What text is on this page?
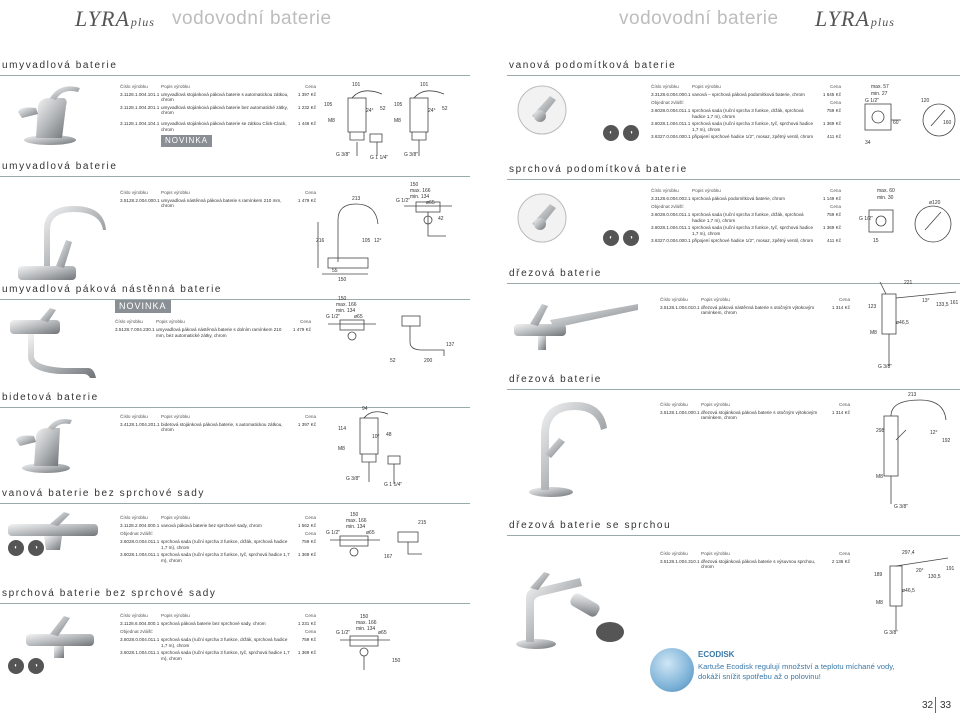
LYRAplus vodovodní baterie	vodovodní baterie LYRAplus
umyvadlová baterie
Číslo výrobku	Popis výrobku	Cena
3.1128.1.004.101.1 umyvadlová stojánková páková baterie s automatickou zátkou, chrom
1 397 Kč
3.1128.1.004.201.1 umyvadlová stojánková páková baterie bez automatické zátky, chrom
1 232 Kč
3.1128.1.004.104.1 umyvadlová stojánková páková baterie se zátkou Click-Clack, chrom
NOVINKA
1 446 Kč
101
105
24° 52
M8
G 3/8"	G 1 1/4"
101
105
24° 52
M8
G 3/8"
umyvadlová baterie
Číslo výrobku	Popis výrobku	Cena
3.5128.2.004.000.1 umyvadlová nástěnná páková baterie s ramínkem 210 mm, chrom
1 479 Kč	213
216	105 12°
55
150
150
max. 166
min. 134
G 1/2"	ø65
42
umyvadlová páková nástěnná baterie
NOVINKA
Číslo výrobku	Popis výrobku	Cena
3.5128.7.004.230.1 umyvadlová páková nástěnná baterie s dolním ramínkem 210 mm, bez automatické zátky, chrom
1 479 Kč
150
max. 166
min. 134
G 1/2"	ø65
52	200
137
bidetová baterie
Číslo výrobku	Popis výrobku	Cena
3.4128.1.004.201.1 bidetová stojánková páková baterie, s automatickou zátkou, chrom
1 397 Kč
94
114
10° 48
M8
G 3/8"
G 1 1/4"
vanová baterie bez sprchové sady
◐	◑
Číslo výrobku	Popis výrobku	Cena
3.1128.2.004.000.1 vanová páková baterie bez sprchové sady, chrom	1 562 Kč
Objednat zvlášť:	Cena
3.6028.0.004.011.1 sprchová sada (ruční sprcha 3 funkce, držák, sprchová hadice 1,7 m), chrom
759 Kč
3.6028.1.004.011.1 sprchová sada (ruční sprcha 3 funkce, tyč, sprchová hadice 1,7 m), chrom
1 369 Kč
150
max. 166
min. 134
G 1/2"	ø65
167
215
sprchová baterie bez sprchové sady
◐	◑
Číslo výrobku	Popis výrobku	Cena
3.1128.6.004.000.1 sprchová páková baterie bez sprchové sady, chrom	1 231 Kč
Objednat zvlášť:	Cena
3.6028.0.004.011.1 sprchová sada (ruční sprcha 3 funkce, držák, sprchová hadice 1,7 m), chrom
759 Kč
3.6028.1.004.011.1 sprchová sada (ruční sprcha 3 funkce, tyč, sprchová hadice 1,7 m), chrom
1 369 Kč
150
max. 166
min. 134
G 1/2"	ø65
150
vanová podomítková baterie
◐	◑
Číslo výrobku	Popis výrobku	Cena
3.3128.6.004.000.1 vanová – sprchová páková podomítková baterie, chrom	1 645 Kč
Objednat zvlášť:	Cena
3.6028.0.004.011.1 sprchová sada (ruční sprcha 3 funkce, držák, sprchová hadice 1,7 m), chrom
759 Kč
3.6028.1.004.011.1 sprchová sada (ruční sprcha 3 funkce, tyč, sprchová hadice 1,7 m), chrom
1 369 Kč
3.6327.0.004.000.1 připojení sprchové hadice 1/2", mosaz, zpětný ventil, chrom	411 Kč
max. 57
min. 27
G 1/2"
34
60
120
160
sprchová podomítková baterie
◐	◑
Číslo výrobku	Popis výrobku	Cena
3.3128.6.004.002.1 sprchová páková podomítková baterie, chrom	1 149 Kč
Objednat zvlášť:	Cena
3.6028.0.004.011.1 sprchová sada (ruční sprcha 3 funkce, držák, sprchová hadice 1,7 m), chrom
759 Kč
3.6028.1.004.011.1 sprchová sada (ruční sprcha 3 funkce, tyč, sprchová hadice 1,7 m), chrom
1 369 Kč
3.6327.0.004.000.1 připojení sprchové hadice 1/2", mosaz, zpětný ventil, chrom	411 Kč
max. 60
min. 30
G 1/2"
15
ø120
dřezová baterie
Číslo výrobku	Popis výrobku	Cena
3.5128.1.004.010.1 dřezová páková nástěnná baterie s otočným výtokovým ramínkem, chrom
1 314 Kč
221
123
13°
133,5 161
ø46,5
M8
G 3/8"
dřezová baterie
Číslo výrobku	Popis výrobku	Cena
3.5128.1.004.000.1 dřezová stojánková páková baterie s otočným výtokovým ramínkem, chrom
1 314 Kč
213
298	12°
192
M8
G 3/8"
dřezová baterie se sprchou
Číslo výrobku	Popis výrobku	Cena
3.5128.1.004.310.1 dřezová stojánková páková baterie s výsuvnou sprchou, chrom
2 136 Kč
297,4
189
20°
130,5
191
ø46,5
M8
G 3/8"
ECODISK
Kartuše Ecodisk regulují množství a teplotu míchané vody, dokáží snížit spotřebu až o polovinu!
32 33
